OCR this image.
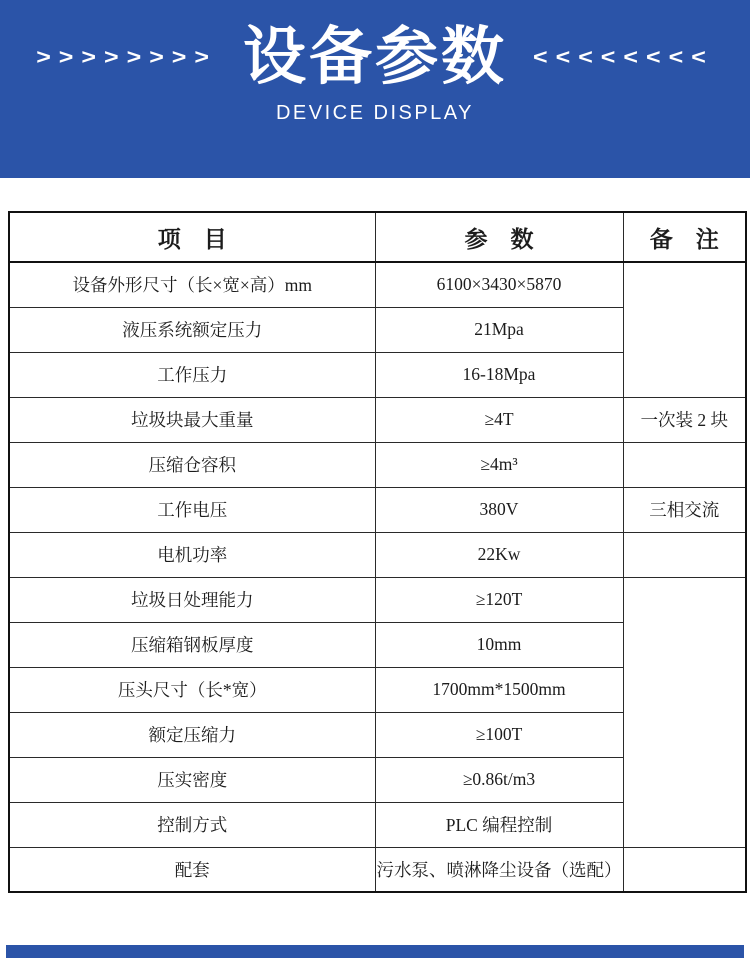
>>>>>>>> 设备参数 <<<<<<<<
DEVICE DISPLAY
项　目	参　数	备　注
设备外形尺寸（长×宽×高）mm	6100×3430×5870	
液压系统额定压力	21Mpa	
工作压力	16-18Mpa	
垃圾块最大重量	≥4T	一次装 2 块
压缩仓容积	≥4m³	
工作电压	380V	三相交流
电机功率	22Kw	
垃圾日处理能力	≥120T	
压缩箱钢板厚度	10mm	
压头尺寸（长*宽）	1700mm*1500mm	
额定压缩力	≥100T	
压实密度	≥0.86t/m3	
控制方式	PLC 编程控制	
配套	污水泵、喷淋降尘设备（选配）	
